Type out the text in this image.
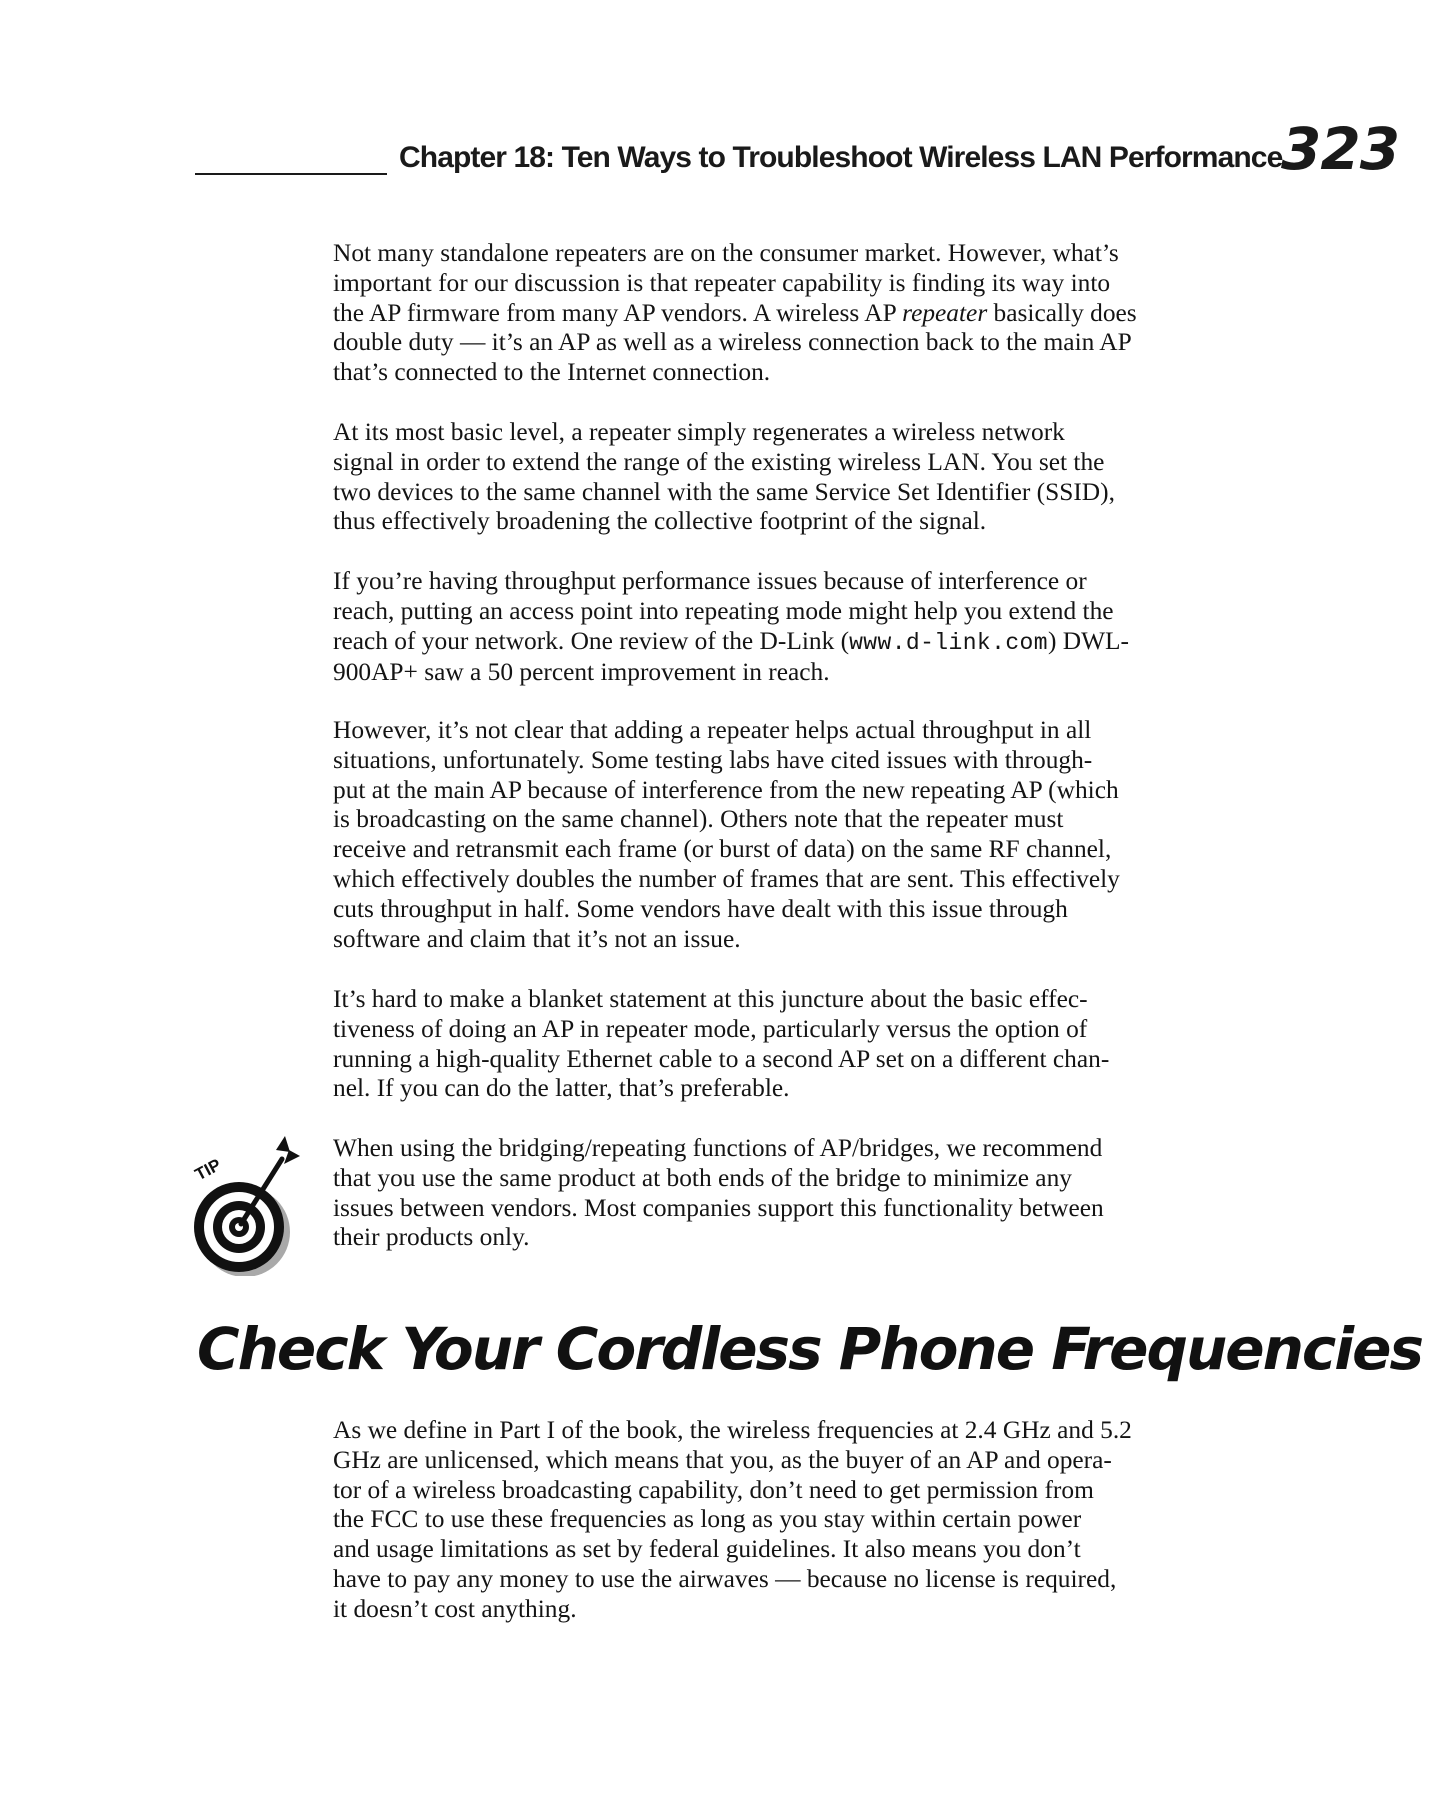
Chapter 18: Ten Ways to Troubleshoot Wireless LAN Performance
323
Not many standalone repeaters are on the consumer market. However, what’s
important for our discussion is that repeater capability is finding its way into
the AP firmware from many AP vendors. A wireless AP repeater basically does
double duty — it’s an AP as well as a wireless connection back to the main AP
that’s connected to the Internet connection.
At its most basic level, a repeater simply regenerates a wireless network
signal in order to extend the range of the existing wireless LAN. You set the
two devices to the same channel with the same Service Set Identifier (SSID),
thus effectively broadening the collective footprint of the signal.
If you’re having throughput performance issues because of interference or
reach, putting an access point into repeating mode might help you extend the
reach of your network. One review of the D-Link (www.d-link.com) DWL-
900AP+ saw a 50 percent improvement in reach.
However, it’s not clear that adding a repeater helps actual throughput in all
situations, unfortunately. Some testing labs have cited issues with through-
put at the main AP because of interference from the new repeating AP (which
is broadcasting on the same channel). Others note that the repeater must
receive and retransmit each frame (or burst of data) on the same RF channel,
which effectively doubles the number of frames that are sent. This effectively
cuts throughput in half. Some vendors have dealt with this issue through
software and claim that it’s not an issue.
It’s hard to make a blanket statement at this juncture about the basic effec-
tiveness of doing an AP in repeater mode, particularly versus the option of
running a high-quality Ethernet cable to a second AP set on a different chan-
nel. If you can do the latter, that’s preferable.
TIP
When using the bridging/repeating functions of AP/bridges, we recommend
that you use the same product at both ends of the bridge to minimize any
issues between vendors. Most companies support this functionality between
their products only.
Check Your Cordless Phone Frequencies
As we define in Part I of the book, the wireless frequencies at 2.4 GHz and 5.2
GHz are unlicensed, which means that you, as the buyer of an AP and opera-
tor of a wireless broadcasting capability, don’t need to get permission from
the FCC to use these frequencies as long as you stay within certain power
and usage limitations as set by federal guidelines. It also means you don’t
have to pay any money to use the airwaves — because no license is required,
it doesn’t cost anything.
